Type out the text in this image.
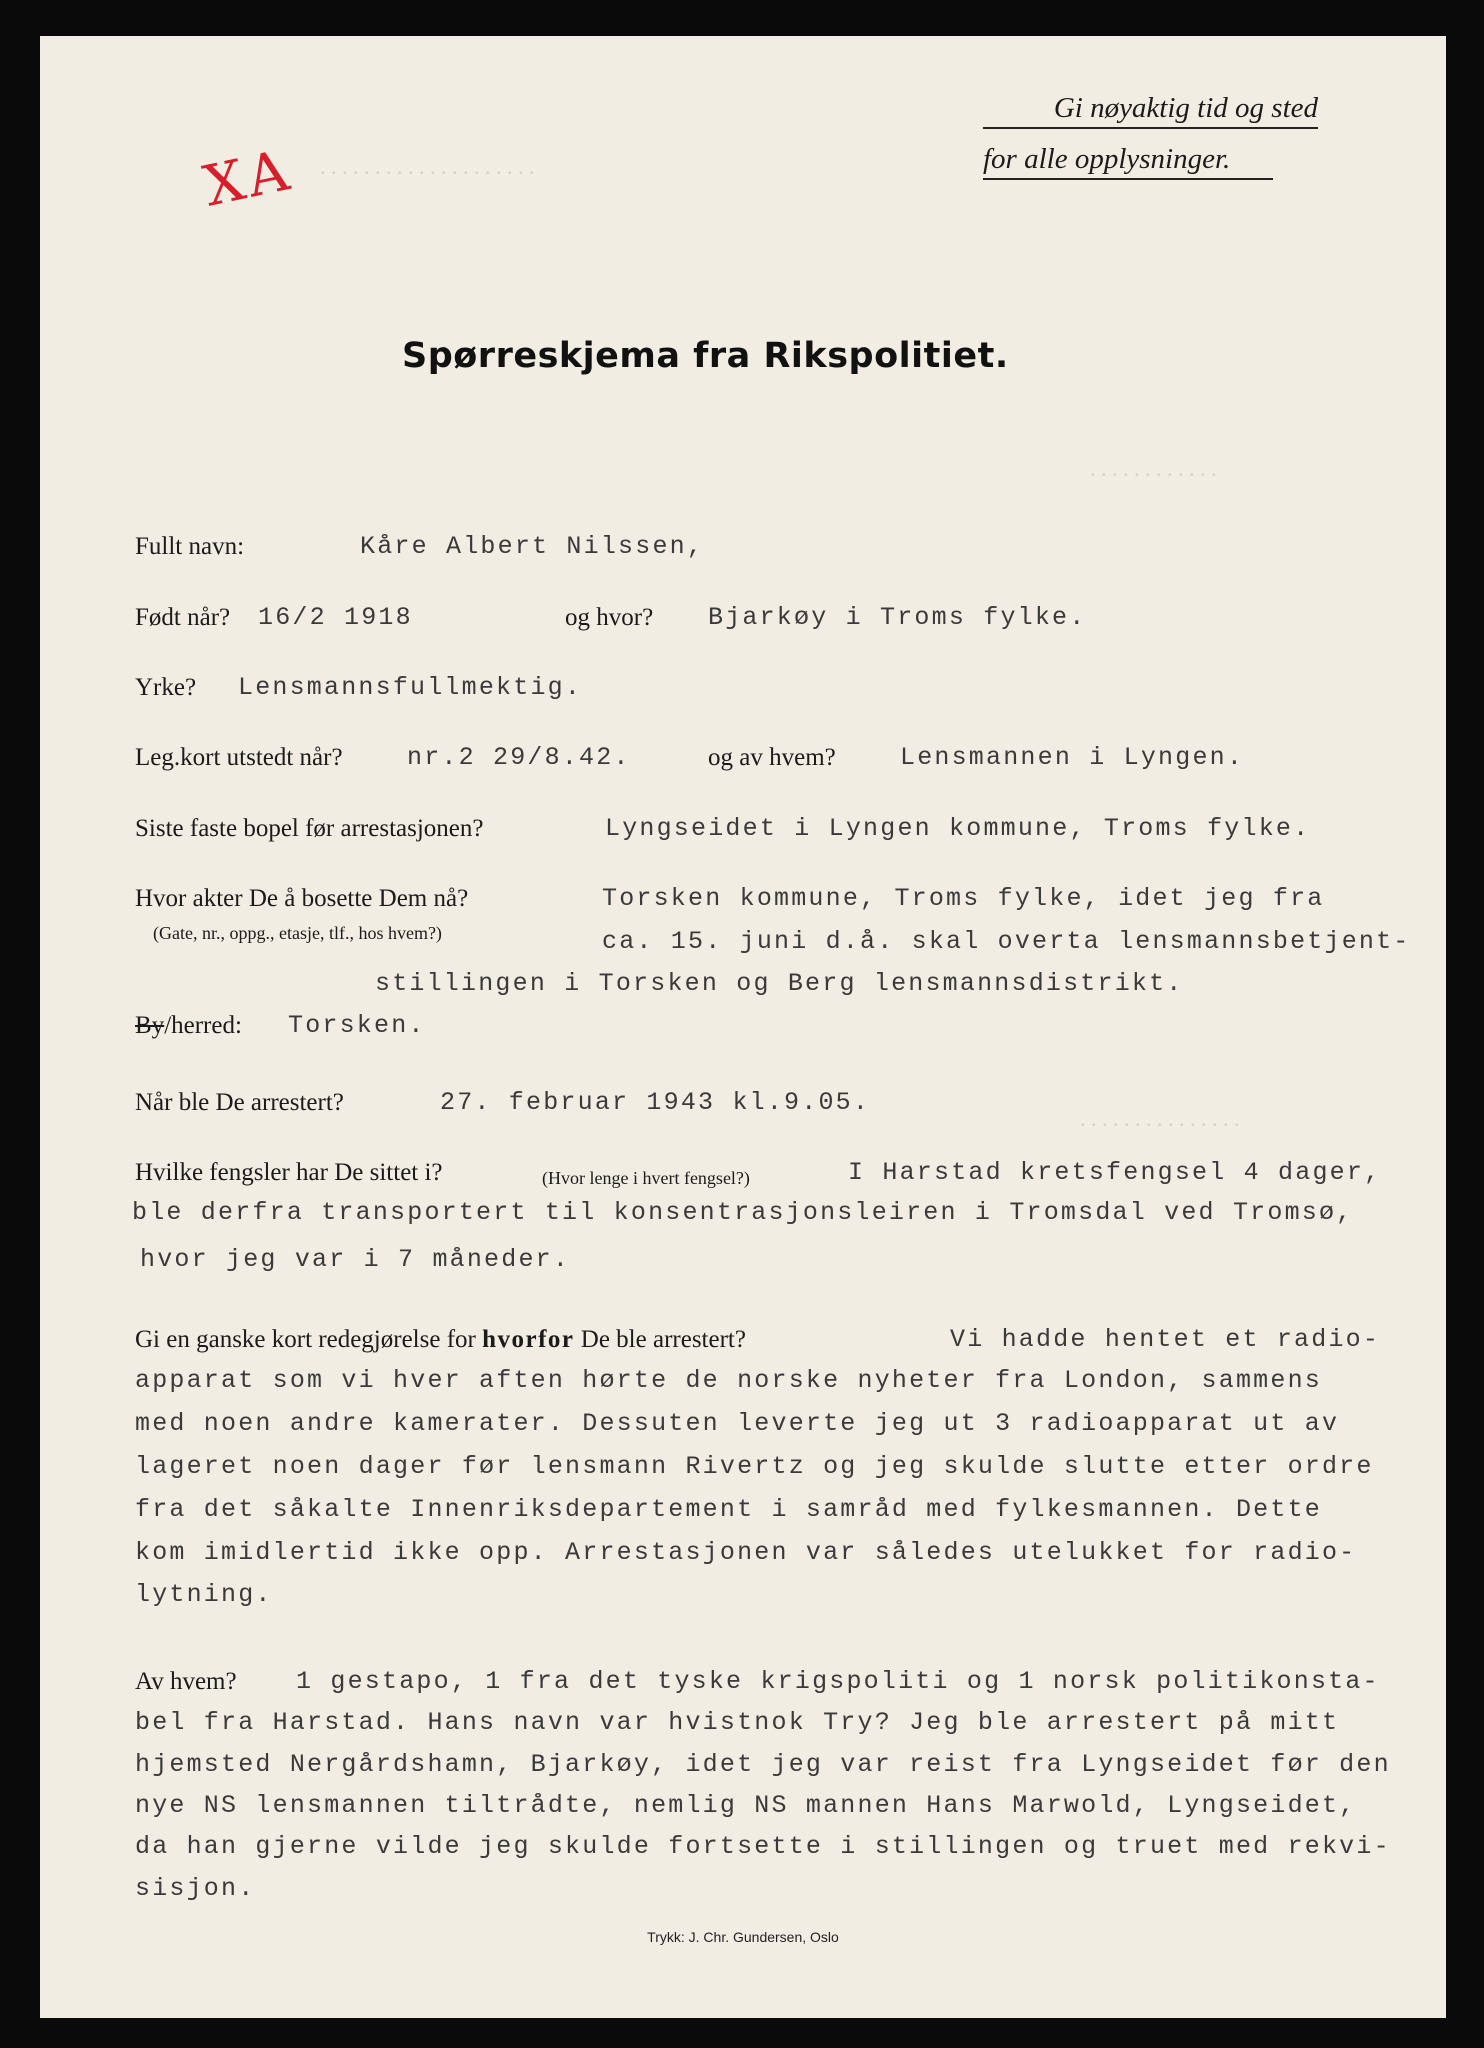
. . . . . . . . . . . . . . . . . . . .
. . . . . . . . . . . .
. . . . . . . . . . . . . . .
XA
Gi nøyaktig tid og sted
for alle opplysninger.
Spørreskjema fra Rikspolitiet.
Fullt navn:	Kåre Albert Nilssen,
Født når? 16/2 1918	og hvor? Bjarkøy i Troms fylke.
Yrke? Lensmannsfullmektig.
Leg.kort utstedt når?	nr.2 29/8.42.	og av hvem?	Lensmannen i Lyngen.
Siste faste bopel før arrestasjonen?	Lyngseidet i Lyngen kommune, Troms fylke.
Hvor akter De å bosette Dem nå?
(Gate, nr., oppg., etasje, tlf., hos hvem?)
Torsken kommune, Troms fylke, idet jeg fra
ca. 15. juni d.å. skal overta lensmannsbetjent-
stillingen i Torsken og Berg lensmannsdistrikt.
By/herred: Torsken.
Når ble De arrestert?	27. februar 1943 kl.9.05.
Hvilke fengsler har De sittet i?	(Hvor lenge i hvert fengsel?)	I Harstad kretsfengsel 4 dager,
ble derfra transportert til konsentrasjonsleiren i Tromsdal ved Tromsø,
hvor jeg var i 7 måneder.
Gi en ganske kort redegjørelse for hvorfor De ble arrestert?	Vi hadde hentet et radio-
apparat som vi hver aften hørte de norske nyheter fra London, sammens
med noen andre kamerater. Dessuten leverte jeg ut 3 radioapparat ut av
lageret noen dager før lensmann Rivertz og jeg skulde slutte etter ordre
fra det såkalte Innenriksdepartement i samråd med fylkesmannen. Dette
kom imidlertid ikke opp. Arrestasjonen var således utelukket for radio-
lytning.
Av hvem? 1 gestapo, 1 fra det tyske krigspoliti og 1 norsk politikonsta-
bel fra Harstad. Hans navn var hvistnok Try? Jeg ble arrestert på mitt
hjemsted Nergårdshamn, Bjarkøy, idet jeg var reist fra Lyngseidet før den
nye NS lensmannen tiltrådte, nemlig NS mannen Hans Marwold, Lyngseidet,
da han gjerne vilde jeg skulde fortsette i stillingen og truet med rekvi-
sisjon.
Trykk: J. Chr. Gundersen, Oslo
